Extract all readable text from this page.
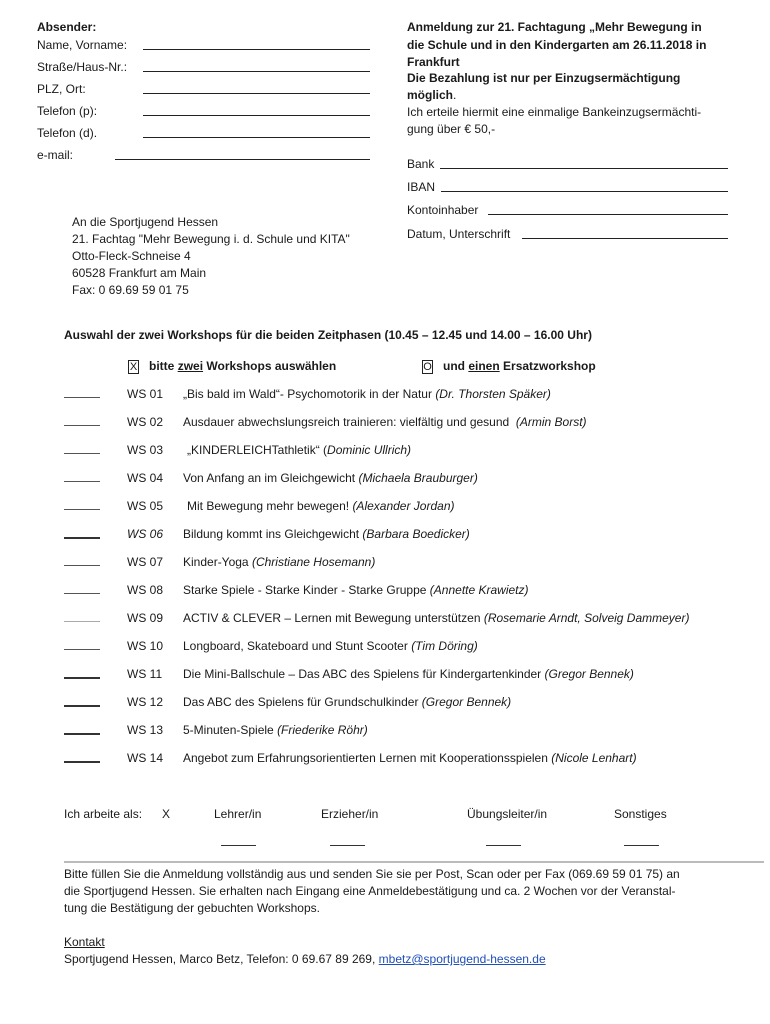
Absender:
Name, Vorname:
Straße/Haus-Nr.:
PLZ, Ort:
Telefon (p):
Telefon (d).
e-mail:
Anmeldung zur 21. Fachtagung „Mehr Bewegung in
die Schule und in den Kindergarten am 26.11.2018 in
Frankfurt
Die Bezahlung ist nur per Einzugsermächtigung
möglich.
Ich erteile hiermit eine einmalige Bankeinzugsermächti-
gung über € 50,-
Bank
IBAN
Kontoinhaber
Datum, Unterschrift
An die Sportjugend Hessen
21. Fachtag "Mehr Bewegung i. d. Schule und KITA"
Otto-Fleck-Schneise 4
60528 Frankfurt am Main
Fax: 0 69.69 59 01 75
Auswahl der zwei Workshops für die beiden Zeitphasen (10.45 – 12.45 und 14.00 – 16.00 Uhr)
X bitte zwei Workshops auswählen	O und einen Ersatzworkshop
WS 01 „Bis bald im Wald“- Psychomotorik in der Natur (Dr. Thorsten Späker)
WS 02 Ausdauer abwechslungsreich trainieren: vielfältig und gesund (Armin Borst)
WS 03 „KINDERLEICHTathletik“ (Dominic Ullrich)
WS 04 Von Anfang an im Gleichgewicht (Michaela Brauburger)
WS 05 Mit Bewegung mehr bewegen! (Alexander Jordan)
WS 06 Bildung kommt ins Gleichgewicht (Barbara Boedicker)
WS 07 Kinder-Yoga (Christiane Hosemann)
WS 08 Starke Spiele - Starke Kinder - Starke Gruppe (Annette Krawietz)
WS 09 ACTIV & CLEVER – Lernen mit Bewegung unterstützen (Rosemarie Arndt, Solveig Dammeyer)
WS 10 Longboard, Skateboard und Stunt Scooter (Tim Döring)
WS 11 Die Mini-Ballschule – Das ABC des Spielens für Kindergartenkinder (Gregor Bennek)
WS 12 Das ABC des Spielens für Grundschulkinder (Gregor Bennek)
WS 13 5-Minuten-Spiele (Friederike Röhr)
WS 14 Angebot zum Erfahrungsorientierten Lernen mit Kooperationsspielen (Nicole Lenhart)
Ich arbeite als: X	Lehrer/in	Erzieher/in	Übungsleiter/in	Sonstiges
Bitte füllen Sie die Anmeldung vollständig aus und senden Sie sie per Post, Scan oder per Fax (069.69 59 01 75) an
die Sportjugend Hessen. Sie erhalten nach Eingang eine Anmeldebestätigung und ca. 2 Wochen vor der Veranstal-
tung die Bestätigung der gebuchten Workshops.
Kontakt
Sportjugend Hessen, Marco Betz, Telefon: 0 69.67 89 269, mbetz@sportjugend-hessen.de
